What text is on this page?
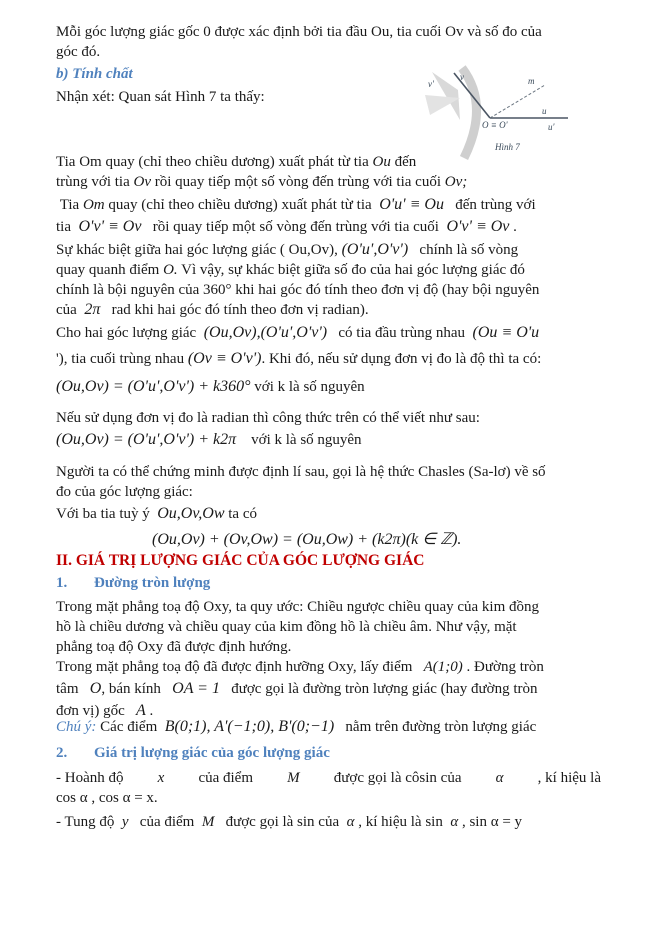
Mỗi góc lượng giác gốc 0 được xác định bởi tia đầu Ou, tia cuối Ov và số đo của
góc đó.
b) Tính chất
Nhận xét: Quan sát Hình 7 ta thấy:
v'
v	m
u
u'
O ≡ O'
Hình 7
Tia Om quay (chỉ theo chiều dương) xuất phát từ tia Ou đến
trùng với tia Ov rồi quay tiếp một số vòng đến trùng với tia cuối Ov;
Tia Om quay (chỉ theo chiều dương) xuất phát từ tia  O'u' ≡ Ou   đến trùng với
tia  O'v' ≡ Ov   rồi quay tiếp một số vòng đến trùng với tia cuối  O'v' ≡ Ov .
Sự khác biệt giữa hai góc lượng giác ( Ou,Ov), (O'u',O'v')   chính là số vòng
quay quanh điểm O. Vì vậy, sự khác biệt giữa số đo của hai góc lượng giác đó
chính là bội nguyên của 360° khi hai góc đó tính theo đơn vị độ (hay bội nguyên
của  2π   rad khi hai góc đó tính theo đơn vị radian).
Cho hai góc lượng giác  (Ou,Ov),(O'u',O'v')   có tia đầu trùng nhau  (Ou ≡ O'u
'), tia cuối trùng nhau (Ov ≡ O'v'). Khi đó, nếu sử dụng đơn vị đo là độ thì ta có:
(Ou,Ov) = (O'u',O'v') + k360° với k là số nguyên
Nếu sử dụng đơn vị đo là radian thì công thức trên có thể viết như sau:
(Ou,Ov) = (O'u',O'v') + k2π    với k là số nguyên
Người ta có thể chứng minh được định lí sau, gọi là hệ thức Chasles (Sa-lơ) về số
đo của góc lượng giác:
Với ba tia tuỳ ý  Ou,Ov,Ow ta có
(Ou,Ov) + (Ov,Ow) = (Ou,Ow) + (k2π)(k ∈ ℤ).
II. GIÁ TRỊ LƯỢNG GIÁC CỦA GÓC LƯỢNG GIÁC
1. Đường tròn lượng
Trong mặt phẳng toạ độ Oxy, ta quy ước: Chiều ngược chiều quay của kim đồng
hồ là chiều dương và chiều quay của kim đồng hồ là chiều âm. Như vậy, mặt
phẳng toạ độ Oxy đã được định hướng.
Trong mặt phẳng toạ độ đã được định hưỡng Oxy, lấy điểm   A(1;0) . Đường tròn
tâm   O, bán kính   OA = 1   được gọi là đường tròn lượng giác (hay đường tròn
đơn vị) gốc   A .
Chú ý: Các điểm  B(0;1), A'(−1;0), B'(0;−1)   nằm trên đường tròn lượng giác
2. Giá trị lượng giác của góc lượng giác
- Hoành độ x của điểm M được gọi là côsin của α , kí hiệu là
cos α , cos α = x.
- Tung độ  y   của điểm  M   được gọi là sin của  α , kí hiệu là sin  α , sin α = y
